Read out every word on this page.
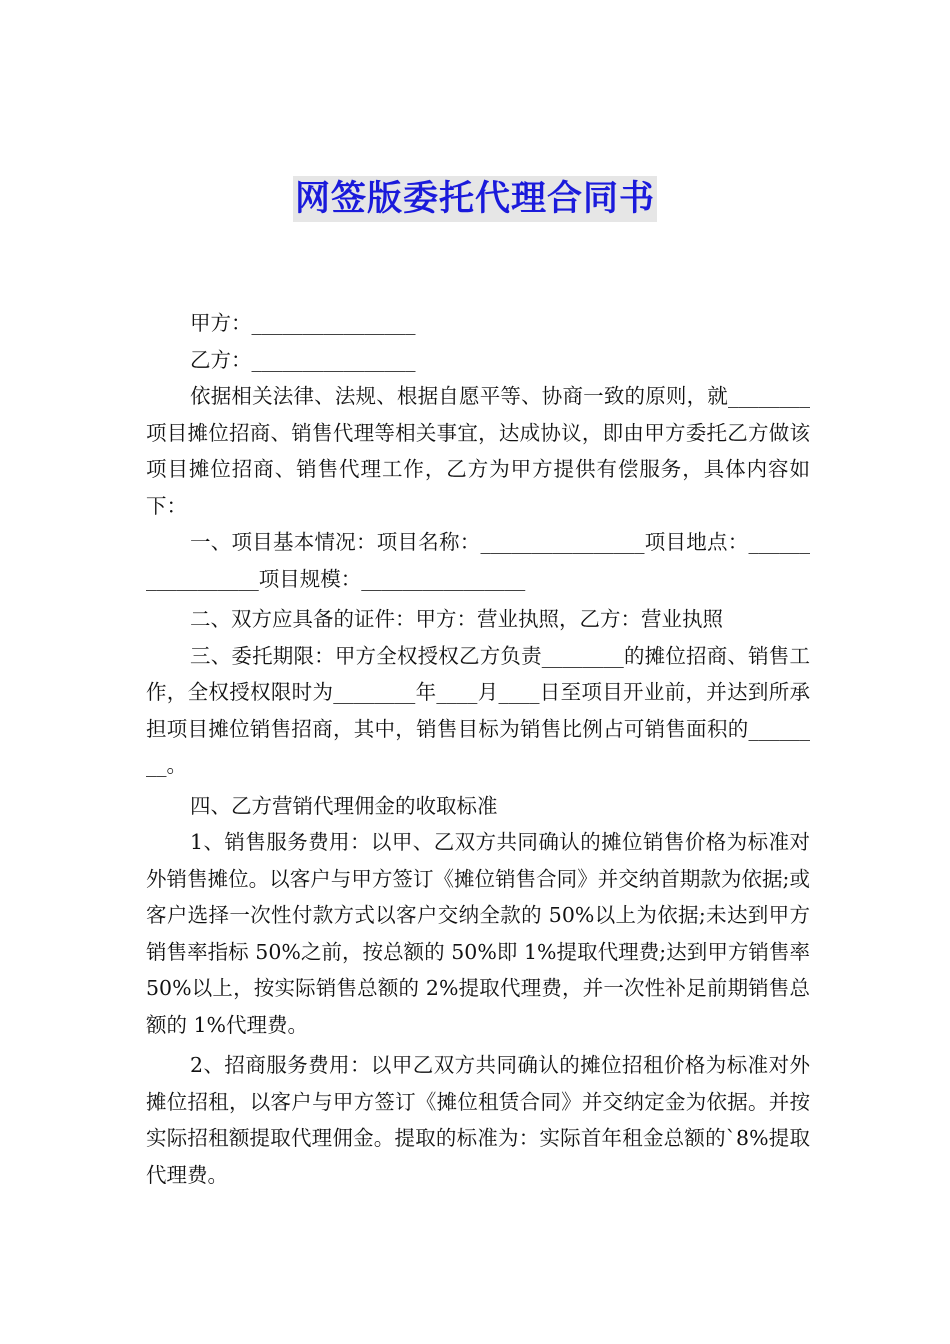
网签版委托代理合同书

甲方：________________

乙方：________________

依据相关法律、法规、根据自愿平等、协商一致的原则，就________项目摊位招商、销售代理等相关事宜，达成协议，即由甲方委托乙方做该项目摊位招商、销售代理工作，乙方为甲方提供有偿服务，具体内容如下：

一、项目基本情况：项目名称：________________项目地点：_________________项目规模：________________

二、双方应具备的证件：甲方：营业执照，乙方：营业执照

三、委托期限：甲方全权授权乙方负责________的摊位招商、销售工作，全权授权限时为________年____月____日至项目开业前，并达到所承担项目摊位销售招商，其中，销售目标为销售比例占可销售面积的________。

四、乙方营销代理佣金的收取标准

1、销售服务费用：以甲、乙双方共同确认的摊位销售价格为标准对外销售摊位。以客户与甲方签订《摊位销售合同》并交纳首期款为依据;或客户选择一次性付款方式以客户交纳全款的 50%以上为依据;未达到甲方销售率指标 50%之前，按总额的 50%即 1%提取代理费;达到甲方销售率 50%以上，按实际销售总额的 2%提取代理费，并一次性补足前期销售总额的 1%代理费。

2、招商服务费用：以甲乙双方共同确认的摊位招租价格为标准对外摊位招租，以客户与甲方签订《摊位租赁合同》并交纳定金为依据。并按实际招租额提取代理佣金。提取的标准为：实际首年租金总额的`8%提取代理费。
